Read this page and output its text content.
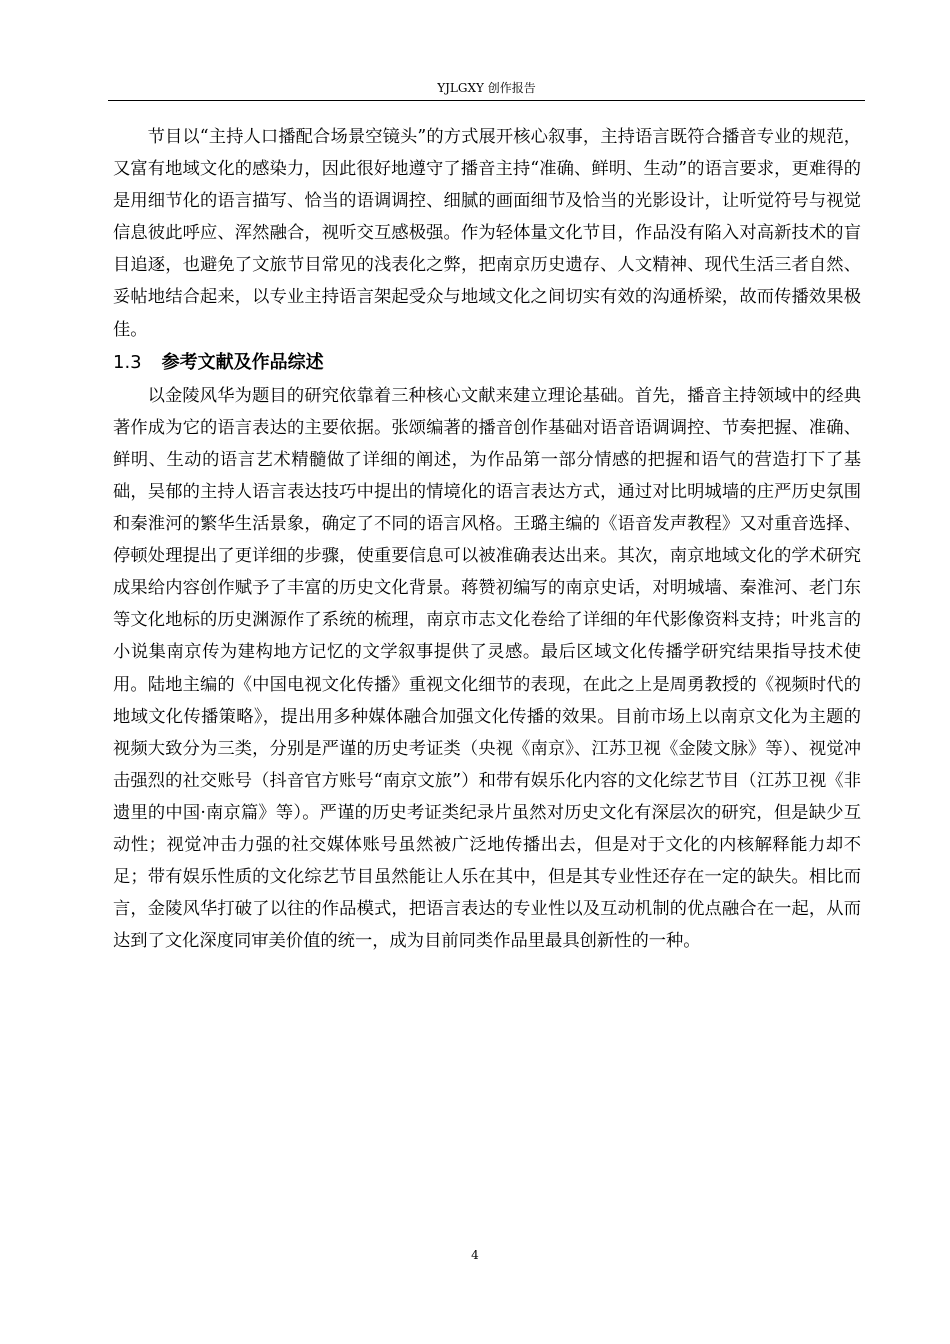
YJLGXY 创作报告

节目以“主持人口播配合场景空镜头”的方式展开核心叙事，主持语言既符合播音专业的规范，又富有地域文化的感染力，因此很好地遵守了播音主持“准确、鲜明、生动”的语言要求，更难得的是用细节化的语言描写、恰当的语调调控、细腻的画面细节及恰当的光影设计，让听觉符号与视觉信息彼此呼应、浑然融合，视听交互感极强。作为轻体量文化节目，作品没有陷入对高新技术的盲目追逐，也避免了文旅节目常见的浅表化之弊，把南京历史遗存、人文精神、现代生活三者自然、妥帖地结合起来，以专业主持语言架起受众与地域文化之间切实有效的沟通桥梁，故而传播效果极佳。

1.3 参考文献及作品综述

以金陵风华为题目的研究依靠着三种核心文献来建立理论基础。首先，播音主持领域中的经典著作成为它的语言表达的主要依据。张颂编著的播音创作基础对语音语调调控、节奏把握、准确、鲜明、生动的语言艺术精髓做了详细的阐述，为作品第一部分情感的把握和语气的营造打下了基础，吴郁的主持人语言表达技巧中提出的情境化的语言表达方式，通过对比明城墙的庄严历史氛围和秦淮河的繁华生活景象，确定了不同的语言风格。王璐主编的《语音发声教程》又对重音选择、停顿处理提出了更详细的步骤，使重要信息可以被准确表达出来。其次，南京地域文化的学术研究成果给内容创作赋予了丰富的历史文化背景。蒋赞初编写的南京史话，对明城墙、秦淮河、老门东等文化地标的历史渊源作了系统的梳理，南京市志文化卷给了详细的年代影像资料支持；叶兆言的小说集南京传为建构地方记忆的文学叙事提供了灵感。最后区域文化传播学研究结果指导技术使用。陆地主编的《中国电视文化传播》重视文化细节的表现，在此之上是周勇教授的《视频时代的地域文化传播策略》，提出用多种媒体融合加强文化传播的效果。目前市场上以南京文化为主题的视频大致分为三类，分别是严谨的历史考证类（央视《南京》、江苏卫视《金陵文脉》等）、视觉冲击强烈的社交账号（抖音官方账号“南京文旅”）和带有娱乐化内容的文化综艺节目（江苏卫视《非遗里的中国·南京篇》等）。严谨的历史考证类纪录片虽然对历史文化有深层次的研究，但是缺少互动性；视觉冲击力强的社交媒体账号虽然被广泛地传播出去，但是对于文化的内核解释能力却不足；带有娱乐性质的文化综艺节目虽然能让人乐在其中，但是其专业性还存在一定的缺失。相比而言，金陵风华打破了以往的作品模式，把语言表达的专业性以及互动机制的优点融合在一起，从而达到了文化深度同审美价值的统一，成为目前同类作品里最具创新性的一种。

4
